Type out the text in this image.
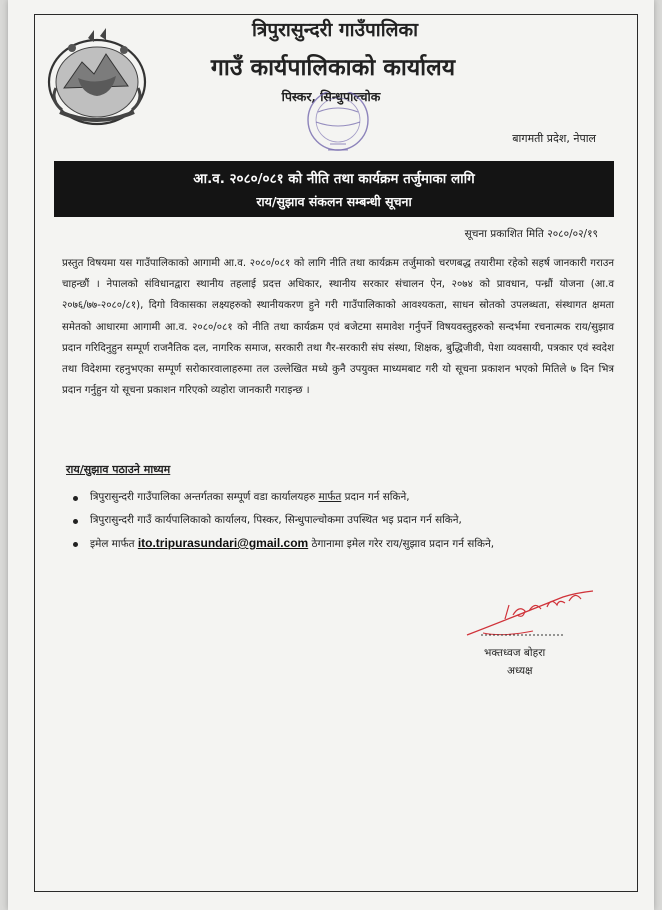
त्रिपुरासुन्दरी गाउँपालिका
गाउँ कार्यपालिकाको कार्यालय
पिस्कर, सिन्धुपाल्चोक
बागमती प्रदेश, नेपाल
आ.व. २०८०/०८१ को नीति तथा कार्यक्रम तर्जुमाका लागि
राय/सुझाव संकलन सम्बन्धी सूचना
सूचना प्रकाशित मिति २०८०/०२/१९
प्रस्तुत विषयमा यस गाउँपालिकाको आगामी आ.व. २०८०/०८१ को लागि नीति तथा कार्यक्रम तर्जुमाको चरणबद्ध तयारीमा रहेको सहर्ष जानकारी गराउन चाहन्छौं । नेपालको संविधानद्वारा स्थानीय तहलाई प्रदत्त अधिकार, स्थानीय सरकार संचालन ऐन, २०७४ को प्रावधान, पन्ध्रौं योजना (आ.व २०७६/७७-२०८०/८१), दिगो विकासका लक्ष्यहरुको स्थानीयकरण हुने गरी गाउँपालिकाको आवश्यकता, साधन स्रोतको उपलब्धता, संस्थागत क्षमता समेतको आधारमा आगामी आ.व. २०८०/०८१ को नीति तथा कार्यक्रम एवं बजेटमा समावेश गर्नुपर्ने विषयवस्तुहरुको सन्दर्भमा रचनात्मक राय/सुझाव प्रदान गरिदिनुहुन सम्पूर्ण राजनैतिक दल, नागरिक समाज, सरकारी तथा गैर-सरकारी संघ संस्था, शिक्षक, बुद्धिजीवी, पेशा व्यवसायी, पत्रकार एवं स्वदेश तथा विदेशमा रहनुभएका सम्पूर्ण सरोकारवालाहरुमा तल उल्लेखित मध्ये कुनै उपयुक्त माध्यमबाट गरी यो सूचना प्रकाशन भएको मितिले ७ दिन भित्र प्रदान गर्नुहुन यो सूचना प्रकाशन गरिएको व्यहोरा जानकारी गराइन्छ ।
राय/सुझाव पठाउने माध्यम
त्रिपुरासुन्दरी गाउँपालिका अन्तर्गतका सम्पूर्ण वडा कार्यालयहरु मार्फत प्रदान गर्न सकिने,
त्रिपुरासुन्दरी गाउँ कार्यपालिकाको कार्यालय, पिस्कर, सिन्धुपाल्चोकमा उपस्थित भइ प्रदान गर्न सकिने,
इमेल मार्फत ito.tripurasundari@gmail.com ठेगानामा इमेल गरेर राय/सुझाव प्रदान गर्न सकिने,
भक्तध्वज बोहरा
अध्यक्ष
